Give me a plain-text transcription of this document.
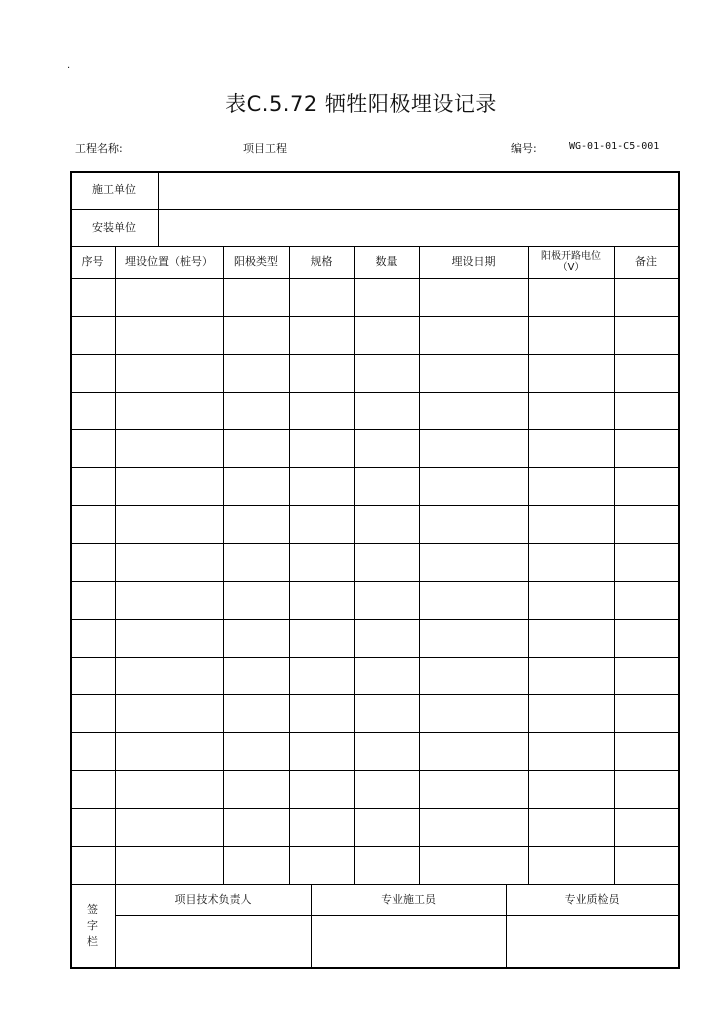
·
表C.5.72 牺牲阳极埋设记录
工程名称:	项目工程	编号:	WG-01-01-C5-001
施工单位
安装单位
序号	埋设位置（桩号）	阳极类型	规格	数量	埋设日期	阳极开路电位（V）	备注
签
字
栏
项目技术负责人	专业施工员	专业质检员
